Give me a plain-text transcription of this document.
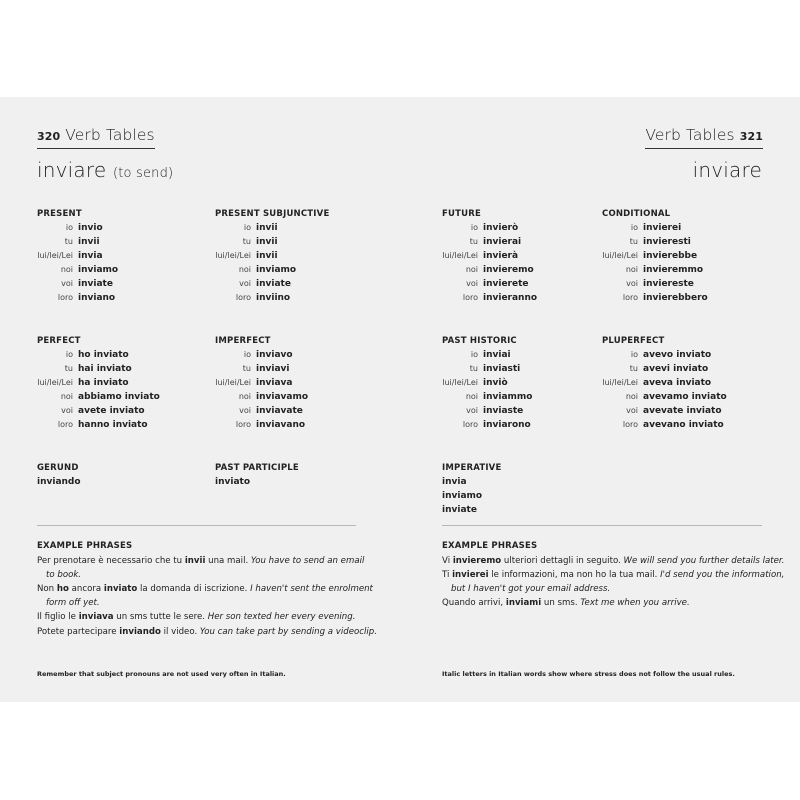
320 Verb Tables
inviare (to send)
PRESENT
io invio
tu invii
lui/lei/Lei invia
noi inviamo
voi inviate
loro inviano
PRESENT SUBJUNCTIVE
io invii
tu invii
lui/lei/Lei invii
noi inviamo
voi inviate
loro inviino
PERFECT
io ho inviato
tu hai inviato
lui/lei/Lei ha inviato
noi abbiamo inviato
voi avete inviato
loro hanno inviato
IMPERFECT
io inviavo
tu inviavi
lui/lei/Lei inviava
noi inviavamo
voi inviavate
loro inviavano
GERUND
inviando
PAST PARTICIPLE
inviato
EXAMPLE PHRASES
Per prenotare è necessario che tu invii una mail. You have to send an email
to book.
Non ho ancora inviato la domanda di iscrizione. I haven't sent the enrolment
form off yet.
Il figlio le inviava un sms tutte le sere. Her son texted her every evening.
Potete partecipare inviando il video. You can take part by sending a videoclip.
Remember that subject pronouns are not used very often in Italian.
Verb Tables 321
inviare
FUTURE
io invierò
tu invierai
lui/lei/Lei invierà
noi invieremo
voi invierete
loro invieranno
CONDITIONAL
io invierei
tu invieresti
lui/lei/Lei invierebbe
noi invieremmo
voi inviereste
loro invierebbero
PAST HISTORIC
io inviai
tu inviasti
lui/lei/Lei inviò
noi inviammo
voi inviaste
loro inviarono
PLUPERFECT
io avevo inviato
tu avevi inviato
lui/lei/Lei aveva inviato
noi avevamo inviato
voi avevate inviato
loro avevano inviato
IMPERATIVE
invia
inviamo
inviate
EXAMPLE PHRASES
Vi invieremo ulteriori dettagli in seguito. We will send you further details later.
Ti invierei le informazioni, ma non ho la tua mail. I'd send you the information,
but I haven't got your email address.
Quando arrivi, inviami un sms. Text me when you arrive.
Italic letters in Italian words show where stress does not follow the usual rules.
